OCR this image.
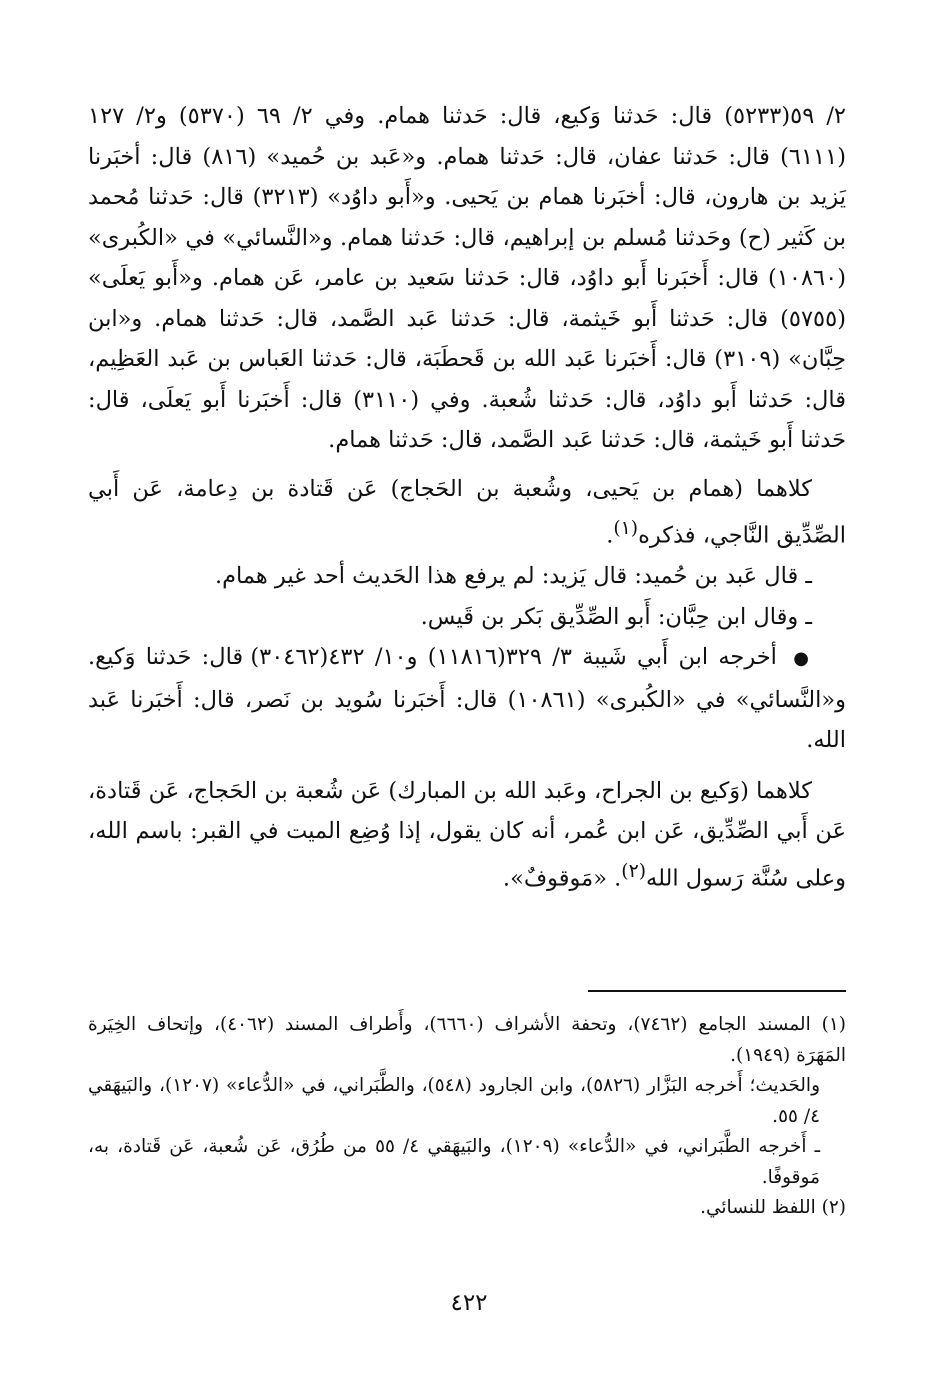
٢/ ٥٩(٥٢٣٣) قال: حَدثنا وَكيع، قال: حَدثنا همام. وفي ٢/ ٦٩ (٥٣٧٠) و٢/ ١٢٧ (٦١١١) قال: حَدثنا عفان، قال: حَدثنا همام. و«عَبد بن حُميد» (٨١٦) قال: أخبَرنا يَزيد بن هارون، قال: أخبَرنا همام بن يَحيى. و«أَبو داوُد» (٣٢١٣) قال: حَدثنا مُحمد بن كَثير (ح) وحَدثنا مُسلم بن إبراهيم، قال: حَدثنا همام. و«النَّسائي» في «الكُبرى» (١٠٨٦٠) قال: أَخبَرنا أَبو داوُد، قال: حَدثنا سَعيد بن عامر، عَن همام. و«أَبو يَعلَى» (٥٧٥٥) قال: حَدثنا أَبو خَيثمة، قال: حَدثنا عَبد الصَّمد، قال: حَدثنا همام. و«ابن حِبَّان» (٣١٠٩) قال: أَخبَرنا عَبد الله بن قَحطَبَة، قال: حَدثنا العَباس بن عَبد العَظِيم، قال: حَدثنا أَبو داوُد، قال: حَدثنا شُعبة. وفي (٣١١٠) قال: أَخبَرنا أَبو يَعلَى، قال: حَدثنا أَبو خَيثمة، قال: حَدثنا عَبد الصَّمد، قال: حَدثنا همام.

كلاهما (همام بن يَحيى، وشُعبة بن الحَجاج) عَن قَتادة بن دِعامة، عَن أَبي الصِّدِّيق النَّاجي، فذكره$^{(١)}$.

ـ قال عَبد بن حُميد: قال يَزيد: لم يرفع هذا الحَديث أحد غير همام.

ـ وقال ابن حِبَّان: أَبو الصِّدِّيق بَكر بن قَيس.

● أخرجه ابن أَبي شَيبة ٣/ ٣٢٩(١١٨١٦) و١٠/ ٤٣٢(٣٠٤٦٢) قال: حَدثنا وَكيع. و«النَّسائي» في «الكُبرى» (١٠٨٦١) قال: أَخبَرنا سُويد بن نَصر، قال: أَخبَرنا عَبد الله.

كلاهما (وَكيع بن الجراح، وعَبد الله بن المبارك) عَن شُعبة بن الحَجاج، عَن قَتادة، عَن أَبي الصِّدِّيق، عَن ابن عُمر، أنه كان يقول، إذا وُضِع الميت في القبر: باسم الله، وعلى سُنَّة رَسول الله$^{(٢)}$. «مَوقوفٌ».

(١) المسند الجامع (٧٤٦٢)، وتحفة الأشراف (٦٦٦٠)، وأَطراف المسند (٤٠٦٢)، وإتحاف الخِيَرة المَهَرَة (١٩٤٩).

والحَديث؛ أَخرجه البَزَّار (٥٨٢٦)، وابن الجارود (٥٤٨)، والطَّبَراني، في «الدُّعاء» (١٢٠٧)، والبَيهَقي ٤/ ٥٥.

ـ أَخرجه الطَّبَراني، في «الدُّعاء» (١٢٠٩)، والبَيهَقي ٤/ ٥٥ من طُرُق، عَن شُعبة، عَن قَتادة، به، مَوقوفًا.

(٢) اللفظ للنسائي.

٤٢٢
